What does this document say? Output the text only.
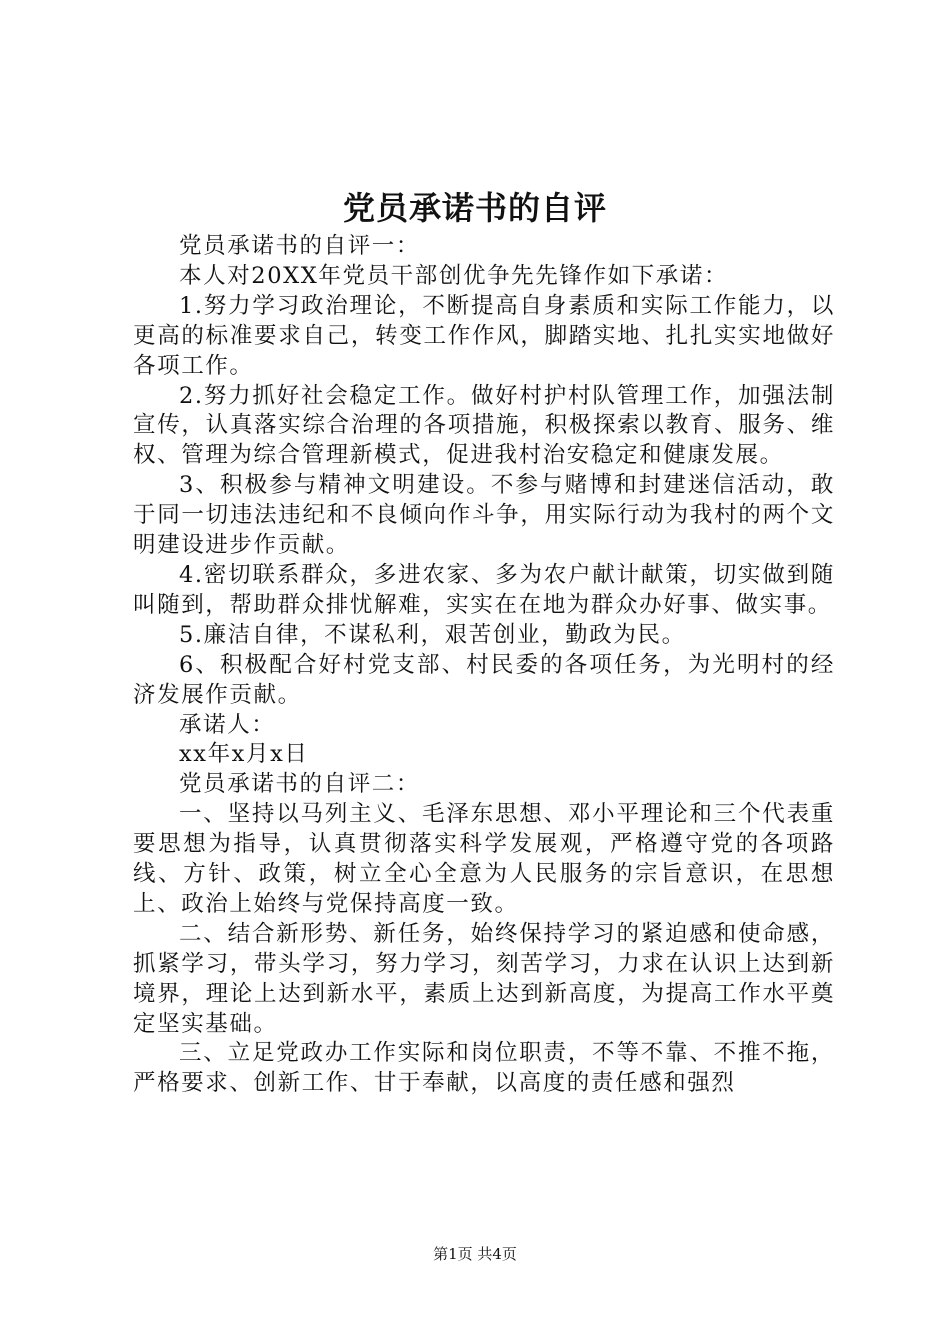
党员承诺书的自评

党员承诺书的自评一：

本人对20XX年党员干部创优争先先锋作如下承诺：

1.努力学习政治理论，不断提高自身素质和实际工作能力，以更高的标准要求自己，转变工作作风，脚踏实地、扎扎实实地做好各项工作。

2.努力抓好社会稳定工作。做好村护村队管理工作，加强法制宣传，认真落实综合治理的各项措施，积极探索以教育、服务、维权、管理为综合管理新模式，促进我村治安稳定和健康发展。

3、积极参与精神文明建设。不参与赌博和封建迷信活动，敢于同一切违法违纪和不良倾向作斗争，用实际行动为我村的两个文明建设进步作贡献。

4.密切联系群众，多进农家、多为农户献计献策，切实做到随叫随到，帮助群众排忧解难，实实在在地为群众办好事、做实事。

5.廉洁自律，不谋私利，艰苦创业，勤政为民。

6、积极配合好村党支部、村民委的各项任务，为光明村的经济发展作贡献。

承诺人：

xx年x月x日

党员承诺书的自评二：

一、坚持以马列主义、毛泽东思想、邓小平理论和三个代表重要思想为指导，认真贯彻落实科学发展观，严格遵守党的各项路线、方针、政策，树立全心全意为人民服务的宗旨意识，在思想上、政治上始终与党保持高度一致。

二、结合新形势、新任务，始终保持学习的紧迫感和使命感，抓紧学习，带头学习，努力学习，刻苦学习，力求在认识上达到新境界，理论上达到新水平，素质上达到新高度，为提高工作水平奠定坚实基础。

三、立足党政办工作实际和岗位职责，不等不靠、不推不拖，严格要求、创新工作、甘于奉献，以高度的责任感和强烈

第1页 共4页
